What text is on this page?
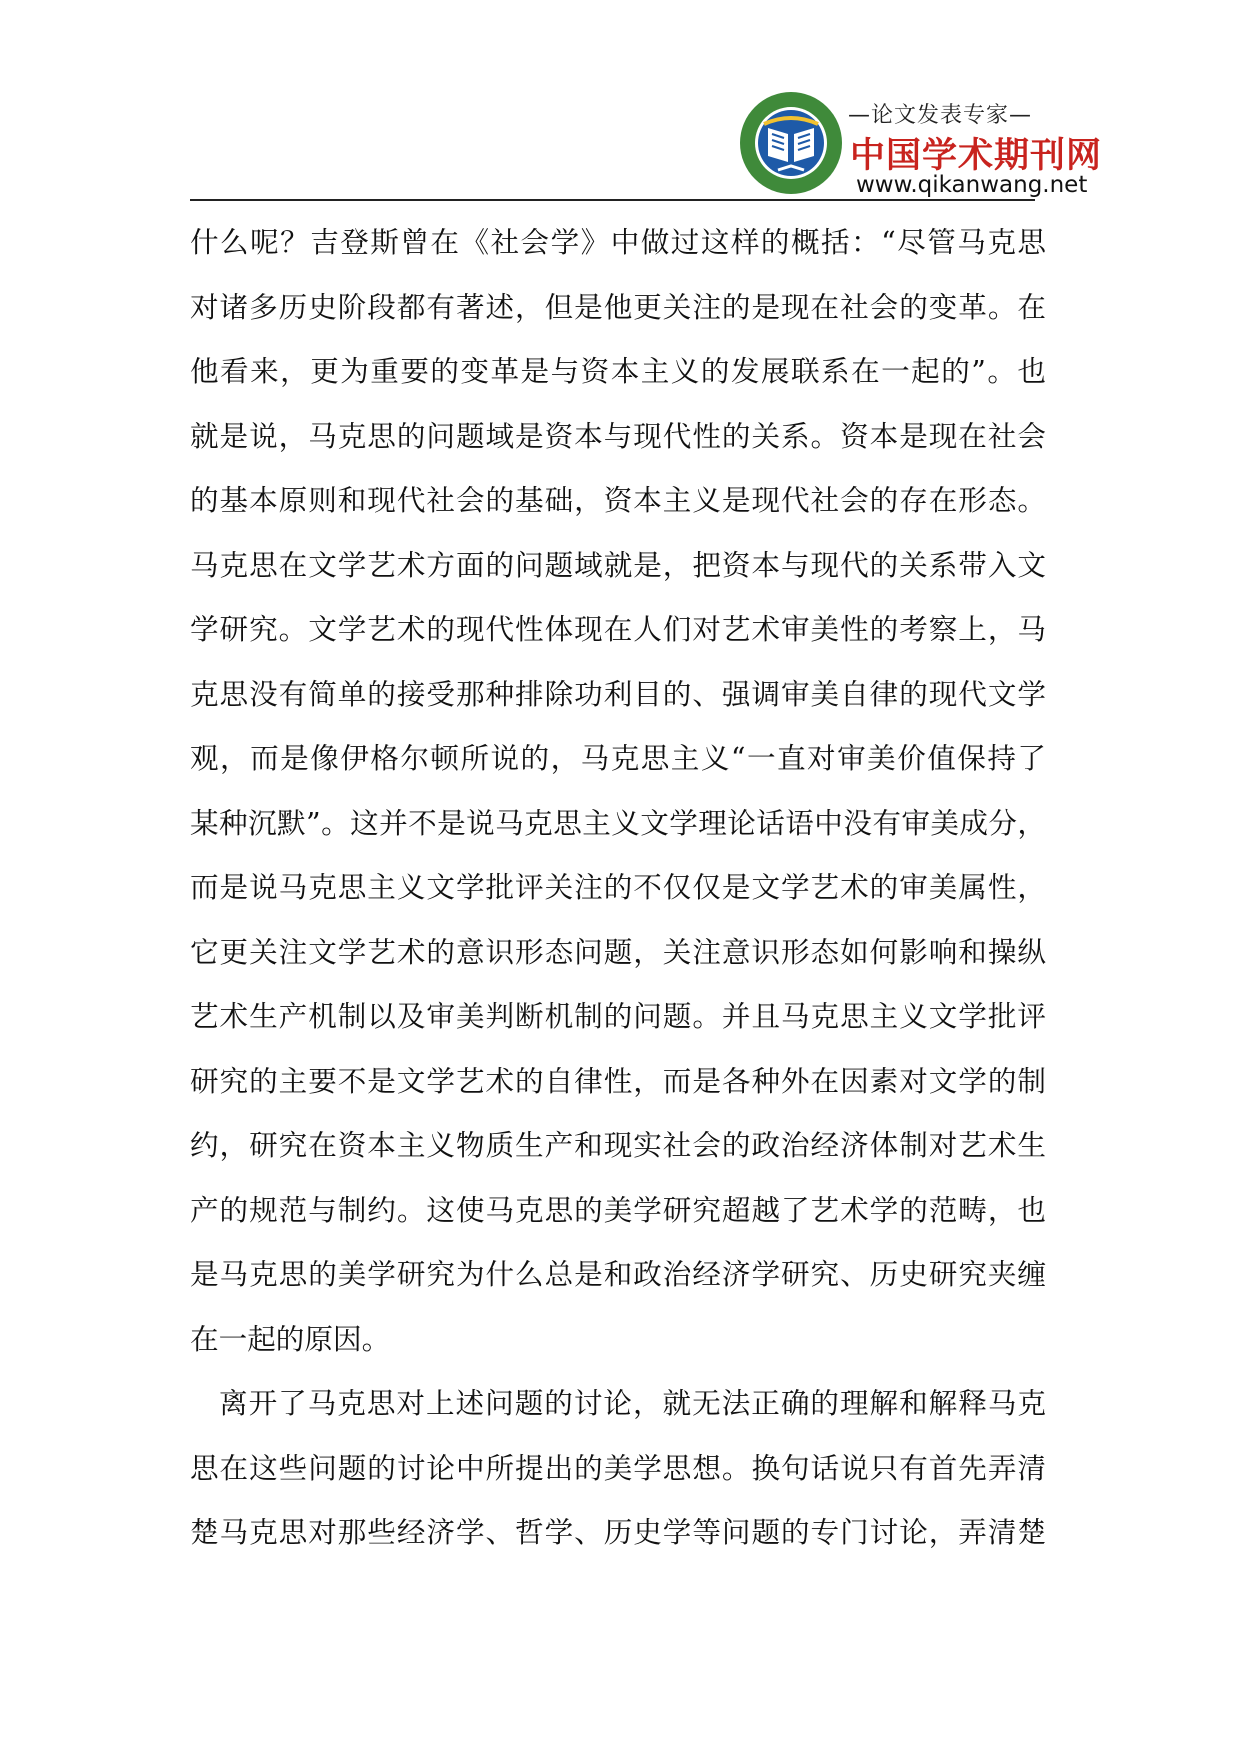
—论文发表专家—
中国学术期刊网
www.qikanwang.net

什么呢？吉登斯曾在《社会学》中做过这样的概括：“尽管马克思
对诸多历史阶段都有著述，但是他更关注的是现在社会的变革。在
他看来，更为重要的变革是与资本主义的发展联系在一起的”。也
就是说，马克思的问题域是资本与现代性的关系。资本是现在社会
的基本原则和现代社会的基础，资本主义是现代社会的存在形态。
马克思在文学艺术方面的问题域就是，把资本与现代的关系带入文
学研究。文学艺术的现代性体现在人们对艺术审美性的考察上，马
克思没有简单的接受那种排除功利目的、强调审美自律的现代文学
观，而是像伊格尔顿所说的，马克思主义“一直对审美价值保持了
某种沉默”。这并不是说马克思主义文学理论话语中没有审美成分，
而是说马克思主义文学批评关注的不仅仅是文学艺术的审美属性，
它更关注文学艺术的意识形态问题，关注意识形态如何影响和操纵
艺术生产机制以及审美判断机制的问题。并且马克思主义文学批评
研究的主要不是文学艺术的自律性，而是各种外在因素对文学的制
约，研究在资本主义物质生产和现实社会的政治经济体制对艺术生
产的规范与制约。这使马克思的美学研究超越了艺术学的范畴，也
是马克思的美学研究为什么总是和政治经济学研究、历史研究夹缠
在一起的原因。

离开了马克思对上述问题的讨论，就无法正确的理解和解释马克
思在这些问题的讨论中所提出的美学思想。换句话说只有首先弄清
楚马克思对那些经济学、哲学、历史学等问题的专门讨论，弄清楚
